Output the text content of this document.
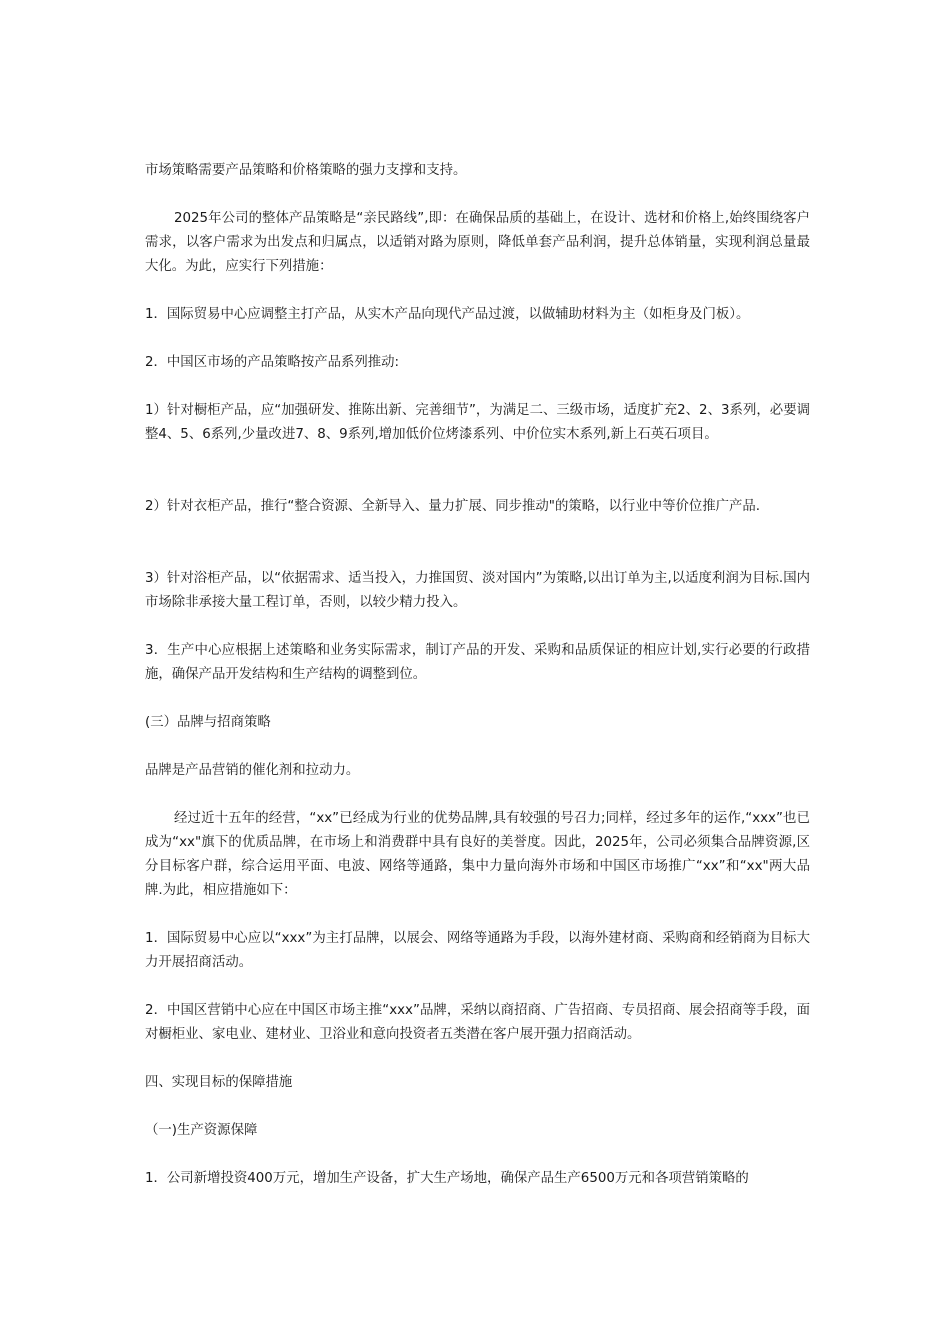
市场策略需要产品策略和价格策略的强力支撑和支持。

2025年公司的整体产品策略是“亲民路线”,即：在确保品质的基础上，在设计、选材和价格上,始终围绕客户需求，以客户需求为出发点和归属点，以适销对路为原则，降低单套产品利润，提升总体销量，实现利润总量最大化。为此，应实行下列措施：

1．国际贸易中心应调整主打产品，从实木产品向现代产品过渡，以做辅助材料为主（如柜身及门板）。

2．中国区市场的产品策略按产品系列推动:

1）针对橱柜产品，应“加强研发、推陈出新、完善细节”，为满足二、三级市场，适度扩充2、2、3系列，必要调整4、5、6系列,少量改进7、8、9系列,增加低价位烤漆系列、中价位实木系列,新上石英石项目。

2）针对衣柜产品，推行“整合资源、全新导入、量力扩展、同步推动"的策略，以行业中等价位推广产品.

3）针对浴柜产品，以“依据需求、适当投入，力推国贸、淡对国内”为策略,以出订单为主,以适度利润为目标.国内市场除非承接大量工程订单，否则，以较少精力投入。

3．生产中心应根据上述策略和业务实际需求，制订产品的开发、采购和品质保证的相应计划,实行必要的行政措施，确保产品开发结构和生产结构的调整到位。

(三）品牌与招商策略

品牌是产品营销的催化剂和拉动力。

经过近十五年的经营，“xx”已经成为行业的优势品牌,具有较强的号召力;同样，经过多年的运作,“xxx”也已成为“xx"旗下的优质品牌，在市场上和消费群中具有良好的美誉度。因此，2025年，公司必须集合品牌资源,区分目标客户群，综合运用平面、电波、网络等通路，集中力量向海外市场和中国区市场推广“xx”和“xx"两大品牌.为此，相应措施如下：

1．国际贸易中心应以“xxx”为主打品牌，以展会、网络等通路为手段，以海外建材商、采购商和经销商为目标大力开展招商活动。

2．中国区营销中心应在中国区市场主推“xxx”品牌，采纳以商招商、广告招商、专员招商、展会招商等手段，面对橱柜业、家电业、建材业、卫浴业和意向投资者五类潜在客户展开强力招商活动。

四、实现目标的保障措施

（一)生产资源保障

1．公司新增投资400万元，增加生产设备，扩大生产场地，确保产品生产6500万元和各项营销策略的
